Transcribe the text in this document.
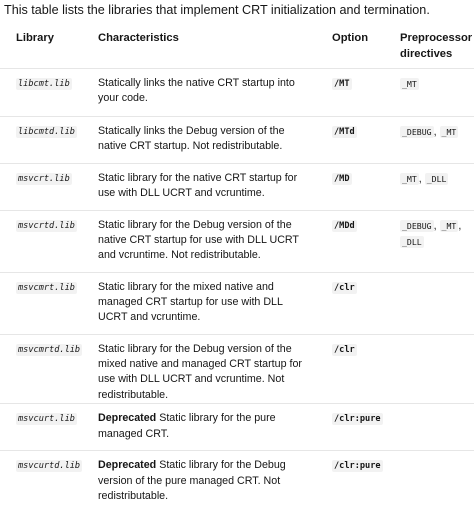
This table lists the libraries that implement CRT initialization and termination.
Library	Characteristics	Option	Preprocessor
directives
libcmt.lib	Statically links the native CRT startup into your code.	/MT	_MT
libcmtd.lib	Statically links the Debug version of the native CRT startup. Not redistributable.	/MTd	_DEBUG , _MT
msvcrt.lib	Static library for the native CRT startup for use with DLL UCRT and vcruntime.	/MD	_MT , _DLL
msvcrtd.lib	Static library for the Debug version of the native CRT startup for use with DLL UCRT and vcruntime. Not redistributable.	/MDd	_DEBUG , _MT , _DLL
msvcmrt.lib	Static library for the mixed native and managed CRT startup for use with DLL UCRT and vcruntime.	/clr	
msvcmrtd.lib	Static library for the Debug version of the mixed native and managed CRT startup for use with DLL UCRT and vcruntime. Not redistributable.	/clr	
msvcurt.lib	Deprecated Static library for the pure managed CRT.	/clr:pure	
msvcurtd.lib	Deprecated Static library for the Debug version of the pure managed CRT. Not redistributable.	/clr:pure	
